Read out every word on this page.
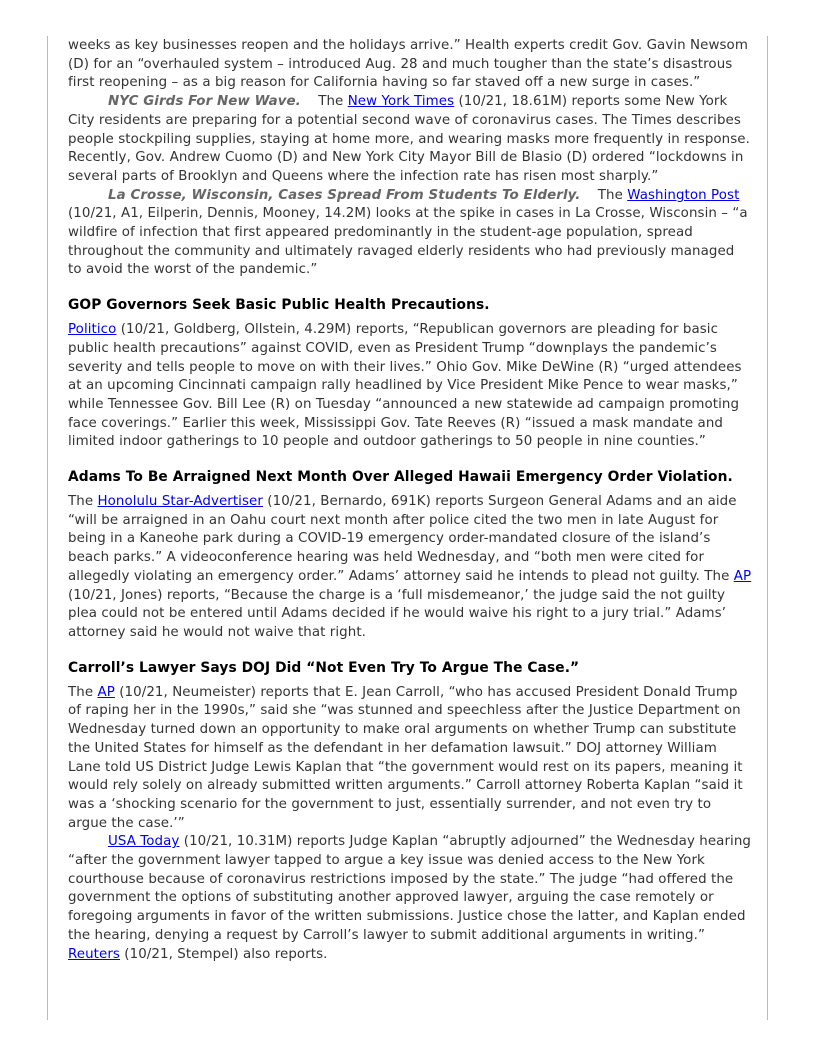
weeks as key businesses reopen and the holidays arrive.” Health experts credit Gov. Gavin Newsom (D) for an “overhauled system – introduced Aug. 28 and much tougher than the state’s disastrous first reopening – as a big reason for California having so far staved off a new surge in cases.”

NYC Girds For New Wave. The New York Times (10/21, 18.61M) reports some New York City residents are preparing for a potential second wave of coronavirus cases. The Times describes people stockpiling supplies, staying at home more, and wearing masks more frequently in response. Recently, Gov. Andrew Cuomo (D) and New York City Mayor Bill de Blasio (D) ordered “lockdowns in several parts of Brooklyn and Queens where the infection rate has risen most sharply.”

La Crosse, Wisconsin, Cases Spread From Students To Elderly. The Washington Post (10/21, A1, Eilperin, Dennis, Mooney, 14.2M) looks at the spike in cases in La Crosse, Wisconsin – “a wildfire of infection that first appeared predominantly in the student-age population, spread throughout the community and ultimately ravaged elderly residents who had previously managed to avoid the worst of the pandemic.”

GOP Governors Seek Basic Public Health Precautions.

Politico (10/21, Goldberg, Ollstein, 4.29M) reports, “Republican governors are pleading for basic public health precautions” against COVID, even as President Trump “downplays the pandemic’s severity and tells people to move on with their lives.” Ohio Gov. Mike DeWine (R) “urged attendees at an upcoming Cincinnati campaign rally headlined by Vice President Mike Pence to wear masks,” while Tennessee Gov. Bill Lee (R) on Tuesday “announced a new statewide ad campaign promoting face coverings.” Earlier this week, Mississippi Gov. Tate Reeves (R) “issued a mask mandate and limited indoor gatherings to 10 people and outdoor gatherings to 50 people in nine counties.”

Adams To Be Arraigned Next Month Over Alleged Hawaii Emergency Order Violation.

The Honolulu Star-Advertiser (10/21, Bernardo, 691K) reports Surgeon General Adams and an aide “will be arraigned in an Oahu court next month after police cited the two men in late August for being in a Kaneohe park during a COVID-19 emergency order-mandated closure of the island’s beach parks.” A videoconference hearing was held Wednesday, and “both men were cited for allegedly violating an emergency order.” Adams’ attorney said he intends to plead not guilty. The AP (10/21, Jones) reports, “Because the charge is a ‘full misdemeanor,’ the judge said the not guilty plea could not be entered until Adams decided if he would waive his right to a jury trial.” Adams’ attorney said he would not waive that right.

Carroll’s Lawyer Says DOJ Did “Not Even Try To Argue The Case.”

The AP (10/21, Neumeister) reports that E. Jean Carroll, “who has accused President Donald Trump of raping her in the 1990s,” said she “was stunned and speechless after the Justice Department on Wednesday turned down an opportunity to make oral arguments on whether Trump can substitute the United States for himself as the defendant in her defamation lawsuit.” DOJ attorney William Lane told US District Judge Lewis Kaplan that “the government would rest on its papers, meaning it would rely solely on already submitted written arguments.” Carroll attorney Roberta Kaplan “said it was a ‘shocking scenario for the government to just, essentially surrender, and not even try to argue the case.’”

USA Today (10/21, 10.31M) reports Judge Kaplan “abruptly adjourned” the Wednesday hearing “after the government lawyer tapped to argue a key issue was denied access to the New York courthouse because of coronavirus restrictions imposed by the state.” The judge “had offered the government the options of substituting another approved lawyer, arguing the case remotely or foregoing arguments in favor of the written submissions. Justice chose the latter, and Kaplan ended the hearing, denying a request by Carroll’s lawyer to submit additional arguments in writing.” Reuters (10/21, Stempel) also reports.
